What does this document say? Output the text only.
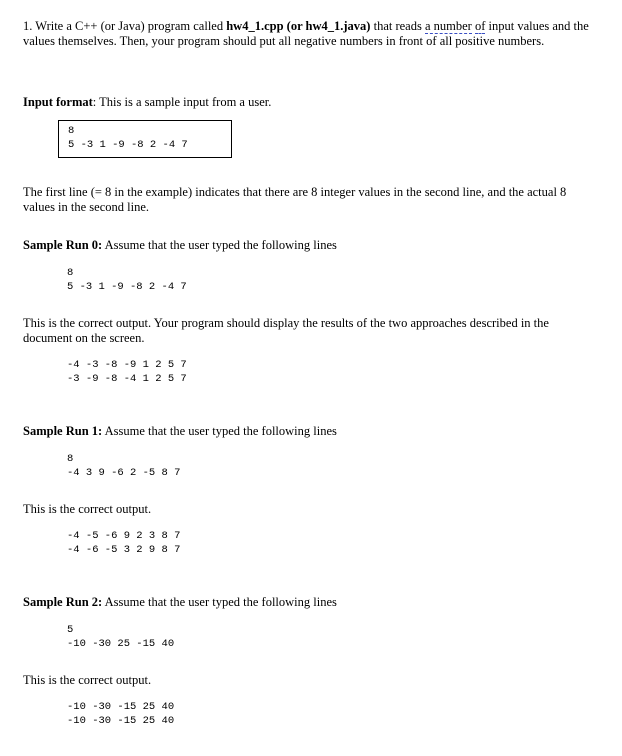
1. Write a C++ (or Java) program called hw4_1.cpp (or hw4_1.java) that reads a number of input values and the values themselves. Then, your program should put all negative numbers in front of all positive numbers.
Input format: This is a sample input from a user.
8
5 -3 1 -9 -8 2 -4 7
The first line (= 8 in the example) indicates that there are 8 integer values in the second line, and the actual 8 values in the second line.
Sample Run 0: Assume that the user typed the following lines
8
5 -3 1 -9 -8 2 -4 7
This is the correct output. Your program should display the results of the two approaches described in the document on the screen.
-4 -3 -8 -9 1 2 5 7
-3 -9 -8 -4 1 2 5 7
Sample Run 1: Assume that the user typed the following lines
8
-4 3 9 -6 2 -5 8 7
This is the correct output.
-4 -5 -6 9 2 3 8 7
-4 -6 -5 3 2 9 8 7
Sample Run 2: Assume that the user typed the following lines
5
-10 -30 25 -15 40
This is the correct output.
-10 -30 -15 25 40
-10 -30 -15 25 40
